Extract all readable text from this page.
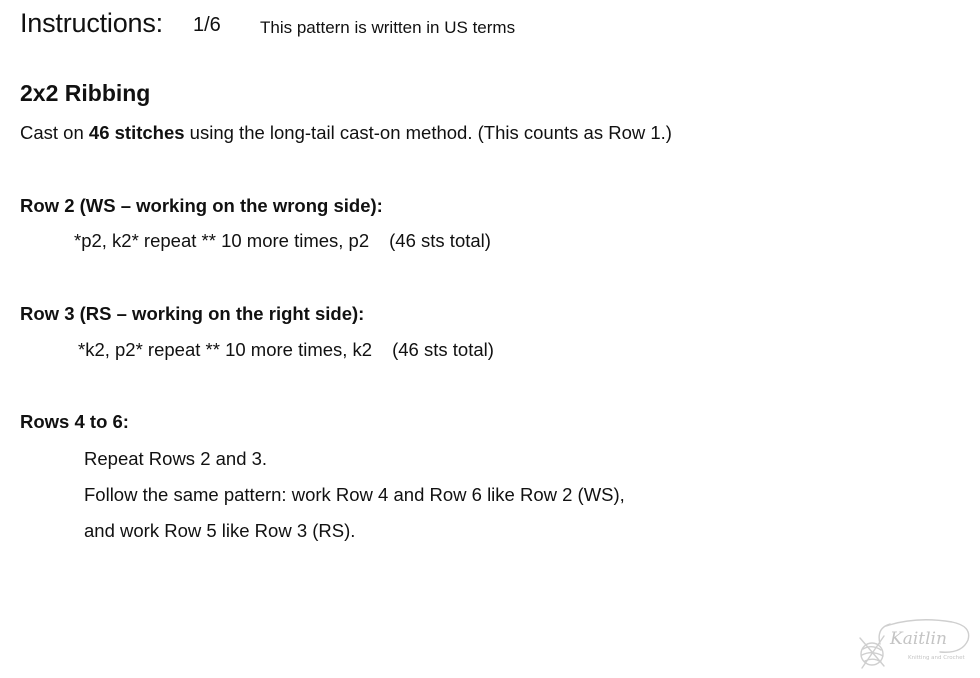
Instructions: 1/6 This pattern is written in US terms
2x2 Ribbing
Cast on 46 stitches using the long-tail cast-on method. (This counts as Row 1.)
Row 2 (WS – working on the wrong side):
*p2, k2* repeat ** 10 more times, p2 (46 sts total)
Row 3 (RS – working on the right side):
*k2, p2* repeat ** 10 more times, k2 (46 sts total)
Rows 4 to 6:
Repeat Rows 2 and 3.
Follow the same pattern: work Row 4 and Row 6 like Row 2 (WS),
and work Row 5 like Row 3 (RS).
Kaitlin
Knitting and Crochet
